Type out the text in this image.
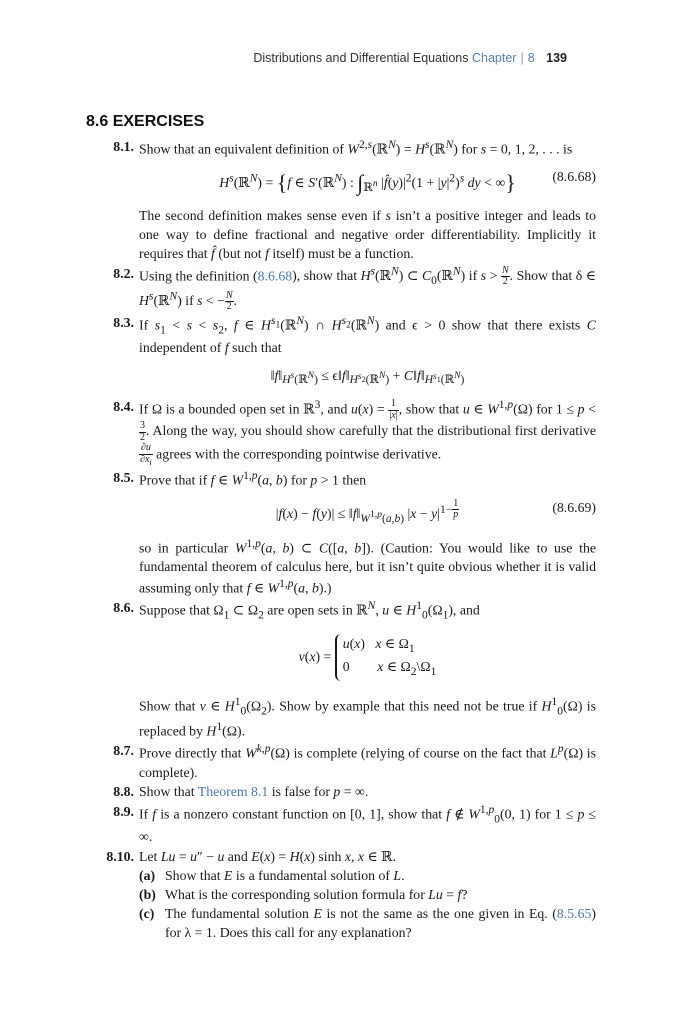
Distributions and Differential Equations Chapter | 8 139
8.6 EXERCISES
8.1. Show that an equivalent definition of W$^{2,s}$(ℝ$^N$) = $H^s(ℝ^N)$ for s = 0, 1, 2, . . . is

$H^s(ℝ^N) = \{f$ ∈ S′(ℝ$^N$) : $\int_{ℝ^n}$ $|f̂(y)|^2(1 + |y|^2)^s$ dy < ∞}	(8.6.68)

The second definition makes sense even if s isn’t a positive integer and leads to one way to define fractional and negative order differentiability. Implicitly it requires that f̂ (but not f itself) must be a function.

8.2. Using the definition (8.6.68), show that $H^s(ℝ^N)$ ⊂ $C_0(ℝ^N)$ if $s > \frac{N}{2}$ . Show that δ ∈ $H^s(ℝ^N)$ if s < − $\frac{N}{2}$ .

8.3. If $s_1 < s < s_2$, f ∈ $H^{s_1}(ℝ^N)$ ∩ $H^{s_2}(ℝ^N)$ and ϵ > 0 show that there exists C independent of f such that

$‖f‖_{H^s(ℝ^N)}$ ≤ $\epsilon‖f‖_{H^{s_2}(ℝ^N)}$ + $C‖f‖_{H^{s_1}(ℝ^N)}$
8.4. If Ω is a bounded open set in ℝ$^3$, and $u(x) = \frac{1}{|x|}$ , show that u ∈ W$^{1,p}$(Ω) for 1 ≤ p <
$\frac{3}{2}$ . Along the way, you should show carefully that the distributional first derivative
$\frac{\partial u}{\partial x_i}$ agrees with the corresponding pointwise derivative.

8.5. Prove that if f ∈ W$^{1,p}$(a, b) for p > 1 then

$|f(x) - f(y)| \le ‖f‖_{W^{1,p}(a,b)}$ $|x - y|^{1- \frac{1}{p}}$	(8.6.69)

so in particular W$^{1,p}$(a, b) ⊂ C([a, b]). (Caution: You would like to use the fundamental theorem of calculus here, but it isn’t quite obvious whether it is valid assuming only that f ∈ W$^{1,p}$(a, b).)

8.6. Suppose that $\Omega_1$ ⊂ $\Omega_2$ are open sets in ℝ$^N$, u ∈ $H^1_0(\Omega_1)$, and

v(x) = u(x)   x ∈ $\Omega_1$
0        x ∈ $\Omega_2\backslash\Omega_1$

Show that v ∈ $H^1_0(\Omega_2)$. Show by example that this need not be true if $H^1_0(\Omega)$ is replaced by $H^1(\Omega)$.

8.7. Prove directly that W$^{k,p}$(Ω) is complete (relying of course on the fact that $L^p(\Omega)$ is complete).

8.8. Show that Theorem 8.1 is false for p = ∞.

8.9. If f is a nonzero constant function on [0, 1], show that f ∉ W$^{1,p}_0$(0, 1) for 1 ≤ p ≤ ∞.

8.10. Let Lu = u″ − u and E(x) = H(x) sinh x, x ∈ ℝ.

(a) Show that E is a fundamental solution of L.
(b) What is the corresponding solution formula for Lu = f?
(c) The fundamental solution E is not the same as the one given in Eq. (8.5.65) for λ = 1. Does this call for any explanation?
